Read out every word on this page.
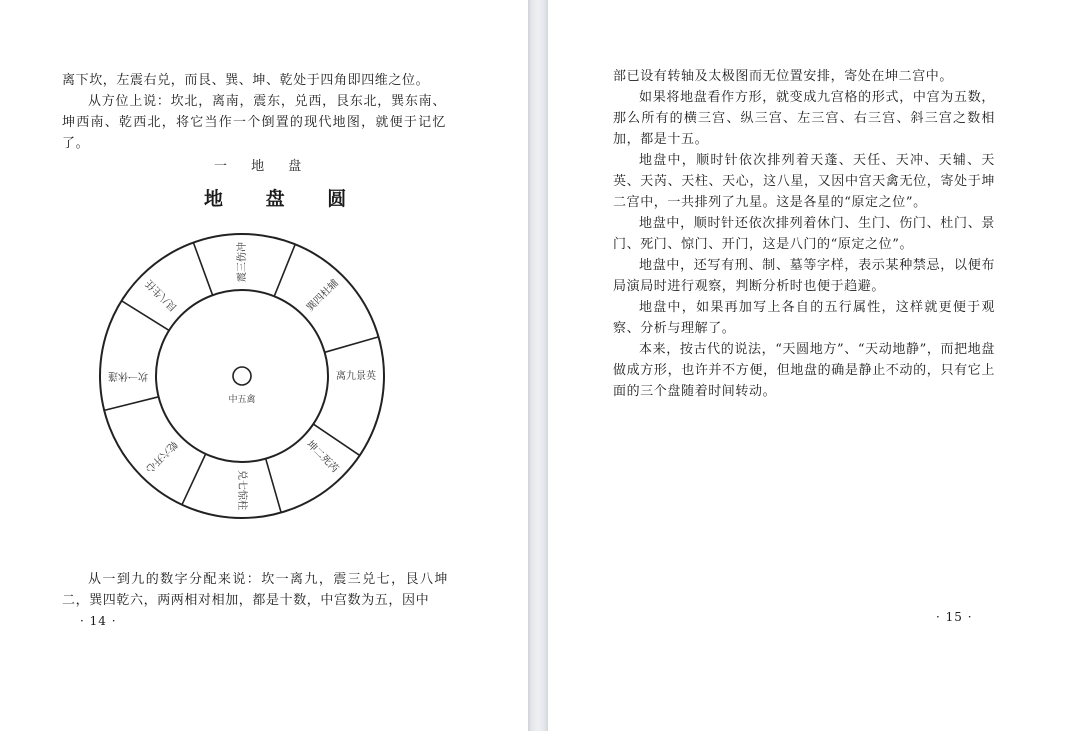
离下坎，左震右兑，而艮、巽、坤、乾处于四角即四维之位。

从方位上说：坎北，离南，震东，兑西，艮东北，巽东南、坤西南、乾西北，将它当作一个倒置的现代地图，就便于记忆了。

一 地 盘
地 盘 圆
坎一休蓬
艮八生任
震三伤冲
巽四杜辅
离九景英
坤二死芮
兑七惊柱
乾六开心
中五禽

从一到九的数字分配来说：坎一离九，震三兑七，艮八坤二，巽四乾六，两两相对相加，都是十数，中宫数为五，因中

· 14 ·

部已设有转轴及太极图而无位置安排，寄处在坤二宫中。

如果将地盘看作方形，就变成九宫格的形式，中宫为五数，那么所有的横三宫、纵三宫、左三宫、右三宫、斜三宫之数相加，都是十五。

地盘中，顺时针依次排列着天蓬、天任、天冲、天辅、天英、天芮、天柱、天心，这八星，又因中宫天禽无位，寄处于坤二宫中，一共排列了九星。这是各星的“原定之位”。

地盘中，顺时针还依次排列着休门、生门、伤门、杜门、景门、死门、惊门、开门，这是八门的“原定之位”。

地盘中，还写有刑、制、墓等字样，表示某种禁忌，以便布局演局时进行观察，判断分析时也便于趋避。

地盘中，如果再加写上各自的五行属性，这样就更便于观察、分析与理解了。

本来，按古代的说法，“天圆地方”、“天动地静”，而把地盘做成方形，也许并不方便，但地盘的确是静止不动的，只有它上面的三个盘随着时间转动。

· 15 ·
